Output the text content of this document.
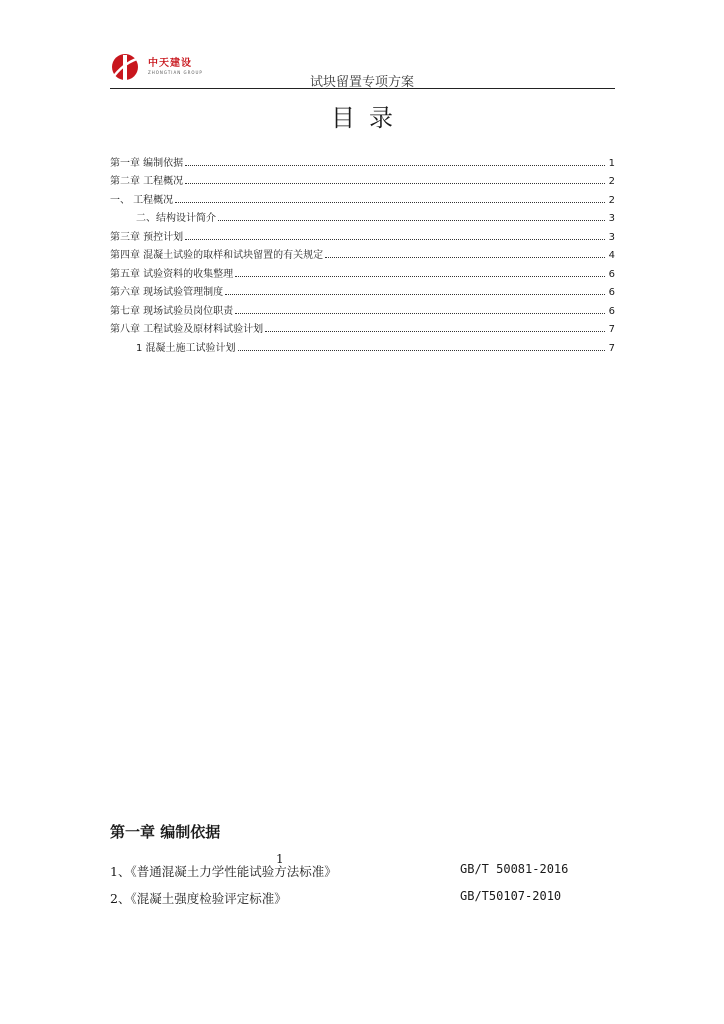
中天建设
ZHONGTIAN GROUP
试块留置专项方案
目录
第一章 编制依据	1
第二章 工程概况	2
一、 工程概况	2
二、结构设计简介	3
第三章 预控计划	3
第四章 混凝土试验的取样和试块留置的有关规定	4
第五章 试验资料的收集整理	6
第六章 现场试验管理制度	6
第七章 现场试验员岗位职责	6
第八章 工程试验及原材料试验计划	7
1 混凝土施工试验计划	7
第一章 编制依据
1
1、《普通混凝土力学性能试验方法标准》	GB/T 50081-2016
2、《混凝土强度检验评定标准》	GB/T50107-2010
